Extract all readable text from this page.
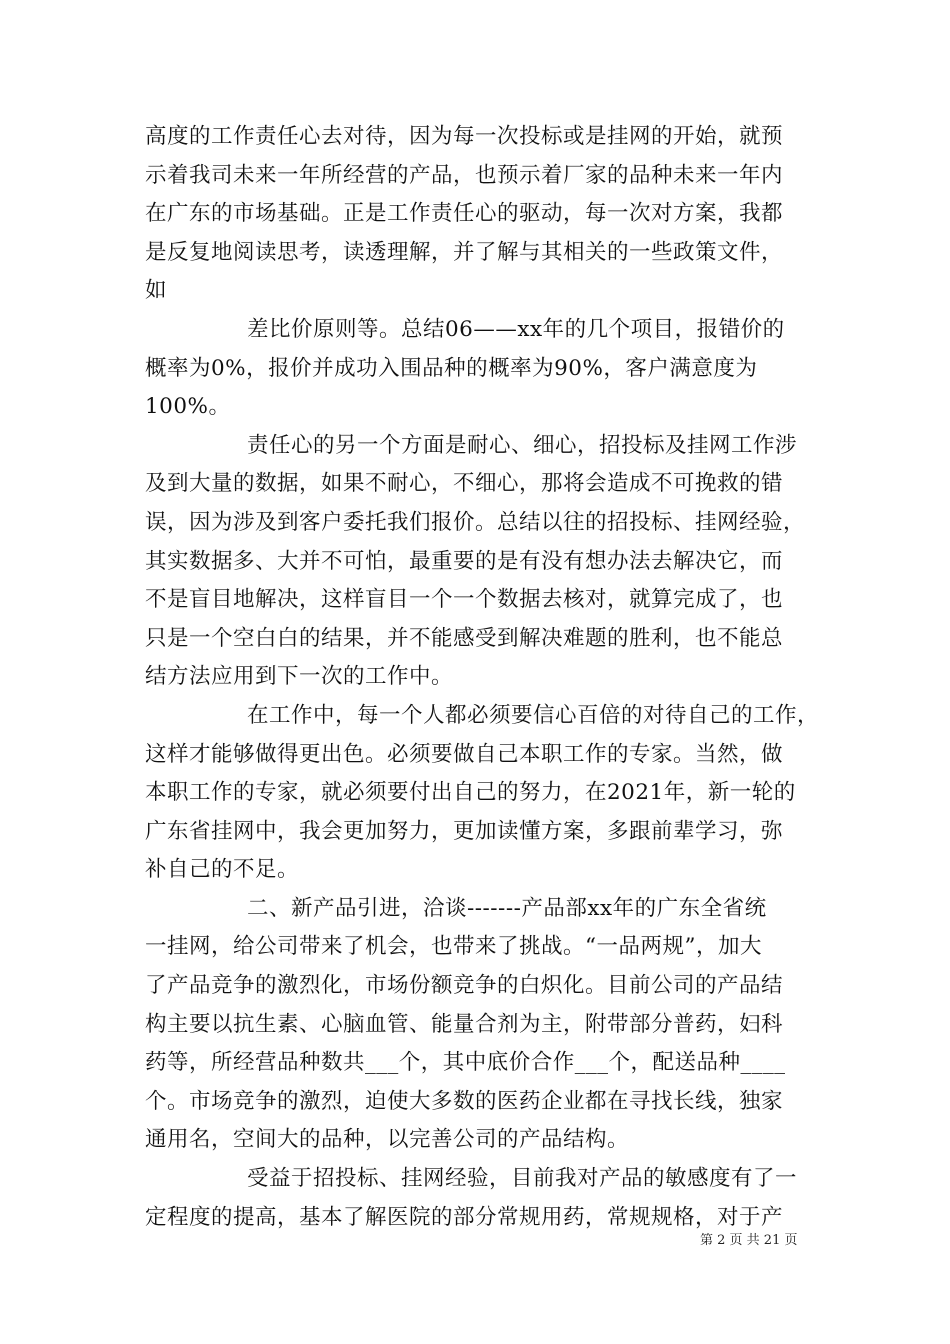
高度的工作责任心去对待，因为每一次投标或是挂网的开始，就预
示着我司未来一年所经营的产品，也预示着厂家的品种未来一年内
在广东的市场基础。正是工作责任心的驱动，每一次对方案，我都
是反复地阅读思考，读透理解，并了解与其相关的一些政策文件，
如
差比价原则等。总结06——xx年的几个项目，报错价的
概率为0%，报价并成功入围品种的概率为90%，客户满意度为
100%。
责任心的另一个方面是耐心、细心，招投标及挂网工作涉
及到大量的数据，如果不耐心，不细心，那将会造成不可挽救的错
误，因为涉及到客户委托我们报价。总结以往的招投标、挂网经验，
其实数据多、大并不可怕，最重要的是有没有想办法去解决它，而
不是盲目地解决，这样盲目一个一个数据去核对，就算完成了，也
只是一个空白白的结果，并不能感受到解决难题的胜利，也不能总
结方法应用到下一次的工作中。
在工作中，每一个人都必须要信心百倍的对待自己的工作，
这样才能够做得更出色。必须要做自己本职工作的专家。当然，做
本职工作的专家，就必须要付出自己的努力，在2021年，新一轮的
广东省挂网中，我会更加努力，更加读懂方案，多跟前辈学习，弥
补自己的不足。
二、新产品引进，洽谈-------产品部xx年的广东全省统
一挂网，给公司带来了机会，也带来了挑战。“一品两规”，加大
了产品竞争的激烈化，市场份额竞争的白炽化。目前公司的产品结
构主要以抗生素、心脑血管、能量合剂为主，附带部分普药，妇科
药等，所经营品种数共___个，其中底价合作___个，配送品种____
个。市场竞争的激烈，迫使大多数的医药企业都在寻找长线，独家
通用名，空间大的品种，以完善公司的产品结构。
受益于招投标、挂网经验，目前我对产品的敏感度有了一
定程度的提高，基本了解医院的部分常规用药，常规规格，对于产
第 2 页 共 21 页
